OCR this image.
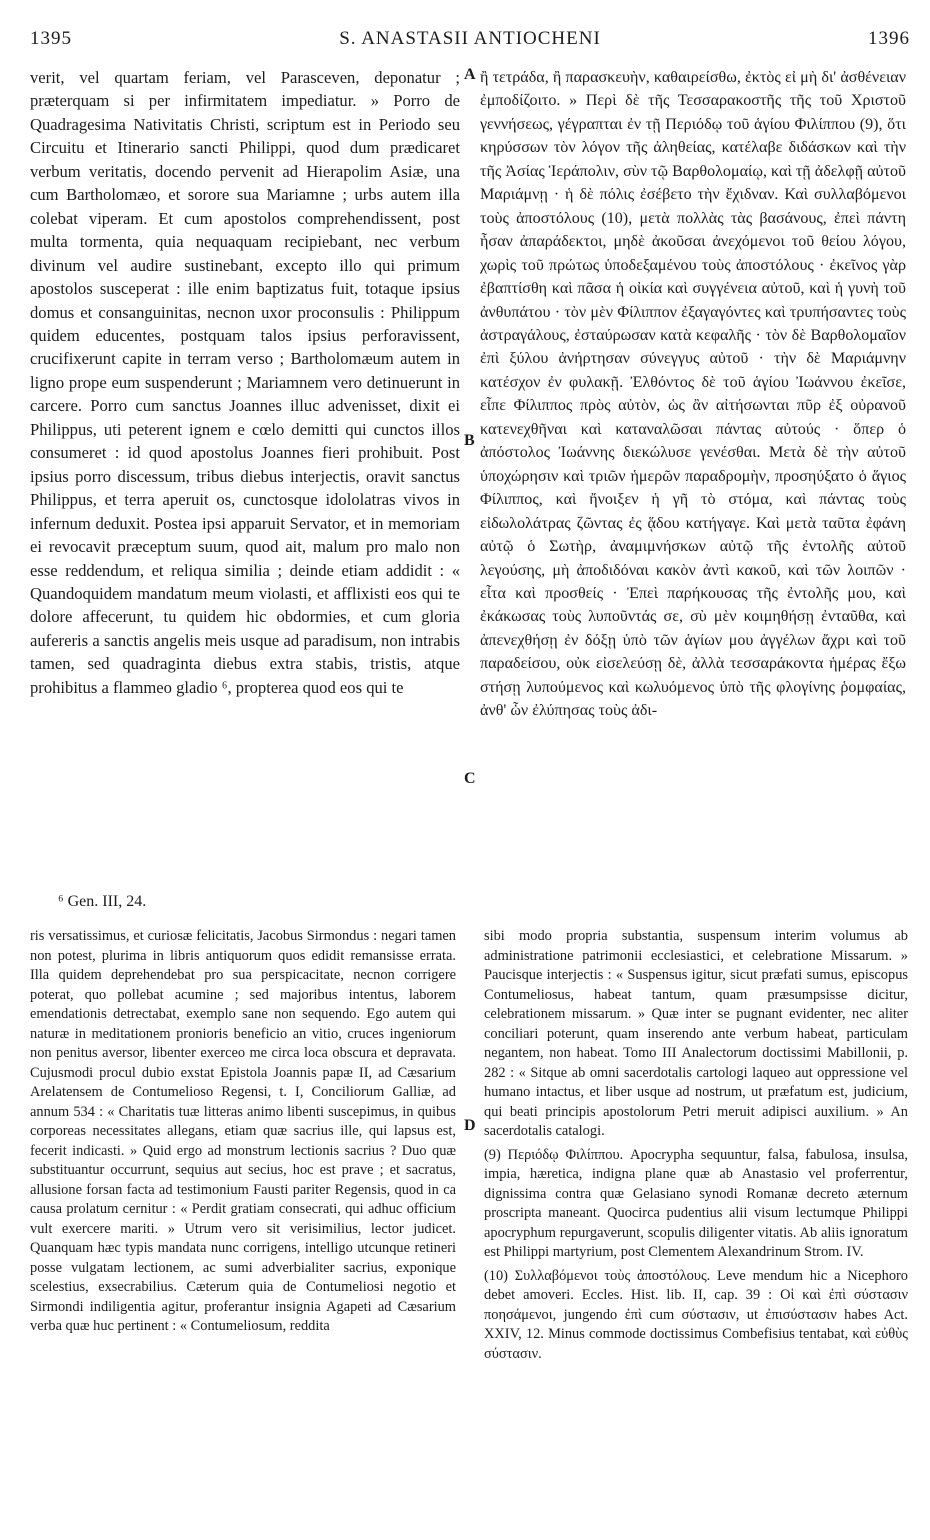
1395	S. ANASTASII ANTIOCHENI	1396

verit, vel quartam feriam, vel Parasceven, deponatur ; præterquam si per infirmitatem impediatur. » Porro de Quadragesima Nativitatis Christi, scriptum est in Periodo seu Circuitu et Itinerario sancti Philippi, quod dum prædicaret verbum veritatis, docendo pervenit ad Hierapolim Asiæ, una cum Bartholomæo, et sorore sua Mariamne ; urbs autem illa colebat viperam. Et cum apostolos comprehendissent, post multa tormenta, quia nequaquam recipiebant, nec verbum divinum vel audire sustinebant, excepto illo qui primum apostolos susceperat : ille enim baptizatus fuit, totaque ipsius domus et consanguinitas, necnon uxor proconsulis : Philippum quidem educentes, postquam talos ipsius perforavissent, crucifixerunt capite in terram verso ; Bartholomæum autem in ligno prope eum suspenderunt ; Mariamnem vero detinuerunt in carcere. Porro cum sanctus Joannes illuc advenisset, dixit ei Philippus, uti peterent ignem e cœlo demitti qui cunctos illos consumeret : id quod apostolus Joannes fieri prohibuit. Post ipsius porro discessum, tribus diebus interjectis, oravit sanctus Philippus, et terra aperuit os, cunctosque idololatras vivos in infernum deduxit. Postea ipsi apparuit Servator, et in memoriam ei revocavit præceptum suum, quod ait, malum pro malo non esse reddendum, et reliqua similia ; deinde etiam addidit : « Quandoquidem mandatum meum violasti, et afflixisti eos qui te dolore affecerunt, tu quidem hic obdormies, et cum gloria aufereris a sanctis angelis meis usque ad paradisum, non intrabis tamen, sed quadraginta diebus extra stabis, tristis, atque prohibitus a flammeo gladio ⁶, propterea quod eos qui te

A
B
C
D

ἢ τετράδα, ἢ παρασκευὴν, καθαιρείσθω, ἐκτὸς εἰ μὴ δι' ἀσθένειαν ἐμποδίζοιτο. » Περὶ δὲ τῆς Τεσσαρακοστῆς τῆς τοῦ Χριστοῦ γεννήσεως, γέγραπται ἐν τῇ Περιόδῳ τοῦ ἁγίου Φιλίππου (9), ὅτι κηρύσσων τὸν λόγον τῆς ἀληθείας, κατέλαβε διδάσκων καὶ τὴν τῆς Ἀσίας Ἱεράπολιν, σὺν τῷ Βαρθολομαίῳ, καὶ τῇ ἀδελφῇ αὐτοῦ Μαριάμνῃ · ἡ δὲ πόλις ἐσέβετο τὴν ἔχιδναν. Καὶ συλλαβόμενοι τοὺς ἀποστόλους (10), μετὰ πολλὰς τὰς βασάνους, ἐπεὶ πάντη ἦσαν ἀπαράδεκτοι, μηδὲ ἀκοῦσαι ἀνεχόμενοι τοῦ θείου λόγου, χωρὶς τοῦ πρώτως ὑποδεξαμένου τοὺς ἀποστόλους · ἐκεῖνος γὰρ ἐβαπτίσθη καὶ πᾶσα ἡ οἰκία καὶ συγγένεια αὐτοῦ, καὶ ἡ γυνὴ τοῦ ἀνθυπάτου · τὸν μὲν Φίλιππον ἐξαγαγόντες καὶ τρυπήσαντες τοὺς ἀστραγάλους, ἐσταύρωσαν κατὰ κεφαλῆς · τὸν δὲ Βαρθολομαῖον ἐπὶ ξύλου ἀνήρτησαν σύνεγγυς αὐτοῦ · τὴν δὲ Μαριάμνην κατέσχον ἐν φυλακῇ. Ἐλθόντος δὲ τοῦ ἁγίου Ἰωάννου ἐκεῖσε, εἶπε Φίλιππος πρὸς αὐτὸν, ὡς ἂν αἰτήσωνται πῦρ ἐξ οὐρανοῦ κατενεχθῆναι καὶ καταναλῶσαι πάντας αὐτούς · ὅπερ ὁ ἀπόστολος Ἰωάννης διεκώλυσε γενέσθαι. Μετὰ δὲ τὴν αὐτοῦ ὑποχώρησιν καὶ τριῶν ἡμερῶν παραδρομὴν, προσηύξατο ὁ ἅγιος Φίλιππος, καὶ ἤνοιξεν ἡ γῆ τὸ στόμα, καὶ πάντας τοὺς εἰδωλολάτρας ζῶντας ἐς ᾅδου κατήγαγε. Καὶ μετὰ ταῦτα ἐφάνη αὐτῷ ὁ Σωτὴρ, ἀναμιμνήσκων αὐτῷ τῆς ἐντολῆς αὐτοῦ λεγούσης, μὴ ἀποδιδόναι κακὸν ἀντὶ κακοῦ, καὶ τῶν λοιπῶν · εἶτα καὶ προσθείς · Ἐπεὶ παρήκουσας τῆς ἐντολῆς μου, καὶ ἐκάκωσας τοὺς λυποῦντάς σε, σὺ μὲν κοιμηθήσῃ ἐνταῦθα, καὶ ἀπενεχθήσῃ ἐν δόξῃ ὑπὸ τῶν ἁγίων μου ἀγγέλων ἄχρι καὶ τοῦ παραδείσου, οὐκ εἰσελεύσῃ δὲ, ἀλλὰ τεσσαράκοντα ἡμέρας ἔξω στήσῃ λυπούμενος καὶ κωλυόμενος ὑπὸ τῆς φλογίνης ῥομφαίας, ἀνθ' ὧν ἐλύπησας τοὺς ἀδι-

⁶ Gen. III, 24.

ris versatissimus, et curiosæ felicitatis, Jacobus Sirmondus : negari tamen non potest, plurima in libris antiquorum quos edidit remansisse errata. Illa quidem deprehendebat pro sua perspicacitate, necnon corrigere poterat, quo pollebat acumine ; sed majoribus intentus, laborem emendationis detrectabat, exemplo sane non sequendo. Ego autem qui naturæ in meditationem pronioris beneficio an vitio, cruces ingeniorum non penitus aversor, libenter exerceo me circa loca obscura et depravata. Cujusmodi procul dubio exstat Epistola Joannis papæ II, ad Cæsarium Arelatensem de Contumelioso Regensi, t. I, Conciliorum Galliæ, ad annum 534 : « Charitatis tuæ litteras animo libenti suscepimus, in quibus corporeas necessitates allegans, etiam quæ sacrius ille, qui lapsus est, fecerit indicasti. » Quid ergo ad monstrum lectionis sacrius ? Duo quæ substituantur occurrunt, sequius aut secius, hoc est prave ; et sacratus, allusione forsan facta ad testimonium Fausti pariter Regensis, quod in ca causa prolatum cernitur : « Perdit gratiam consecrati, qui adhuc officium vult exercere mariti. » Utrum vero sit verisimilius, lector judicet. Quanquam hæc typis mandata nunc corrigens, intelligo utcunque retineri posse vulgatam lectionem, ac sumi adverbialiter sacrius, exponique scelestius, exsecrabilius. Cæterum quia de Contumeliosi negotio et Sirmondi indiligentia agitur, proferantur insignia Agapeti ad Cæsarium verba quæ huc pertinent : « Contumeliosum, reddita

sibi modo propria substantia, suspensum interim volumus ab administratione patrimonii ecclesiastici, et celebratione Missarum. » Paucisque interjectis : « Suspensus igitur, sicut præfati sumus, episcopus Contumeliosus, habeat tantum, quam præsumpsisse dicitur, celebrationem missarum. » Quæ inter se pugnant evidenter, nec aliter conciliari poterunt, quam inserendo ante verbum habeat, particulam negantem, non habeat. Tomo III Analectorum doctissimi Mabillonii, p. 282 : « Sitque ab omni sacerdotalis cartologi laqueo aut oppressione vel humano intactus, et liber usque ad nostrum, ut præfatum est, judicium, qui beati principis apostolorum Petri meruit adipisci auxilium. » An sacerdotalis catalogi.

(9) Περιόδῳ Φιλίππου. Apocrypha sequuntur, falsa, fabulosa, insulsa, impia, hæretica, indigna plane quæ ab Anastasio vel proferrentur, dignissima contra quæ Gelasiano synodi Romanæ decreto æternum proscripta maneant. Quocirca pudentius alii visum lectumque Philippi apocryphum repurgaverunt, scopulis diligenter vitatis. Ab aliis ignoratum est Philippi martyrium, post Clementem Alexandrinum Strom. IV.

(10) Συλλαβόμενοι τοὺς ἀποστόλους. Leve mendum hic a Nicephoro debet amoveri. Eccles. Hist. lib. II, cap. 39 : Οἱ καὶ ἐπὶ σύστασιν ποησάμενοι, jungendo ἐπὶ cum σύστασιν, ut ἐπισύστασιν habes Act. XXIV, 12. Minus commode doctissimus Combefisius tentabat, καὶ εὐθὺς σύστασιν.
